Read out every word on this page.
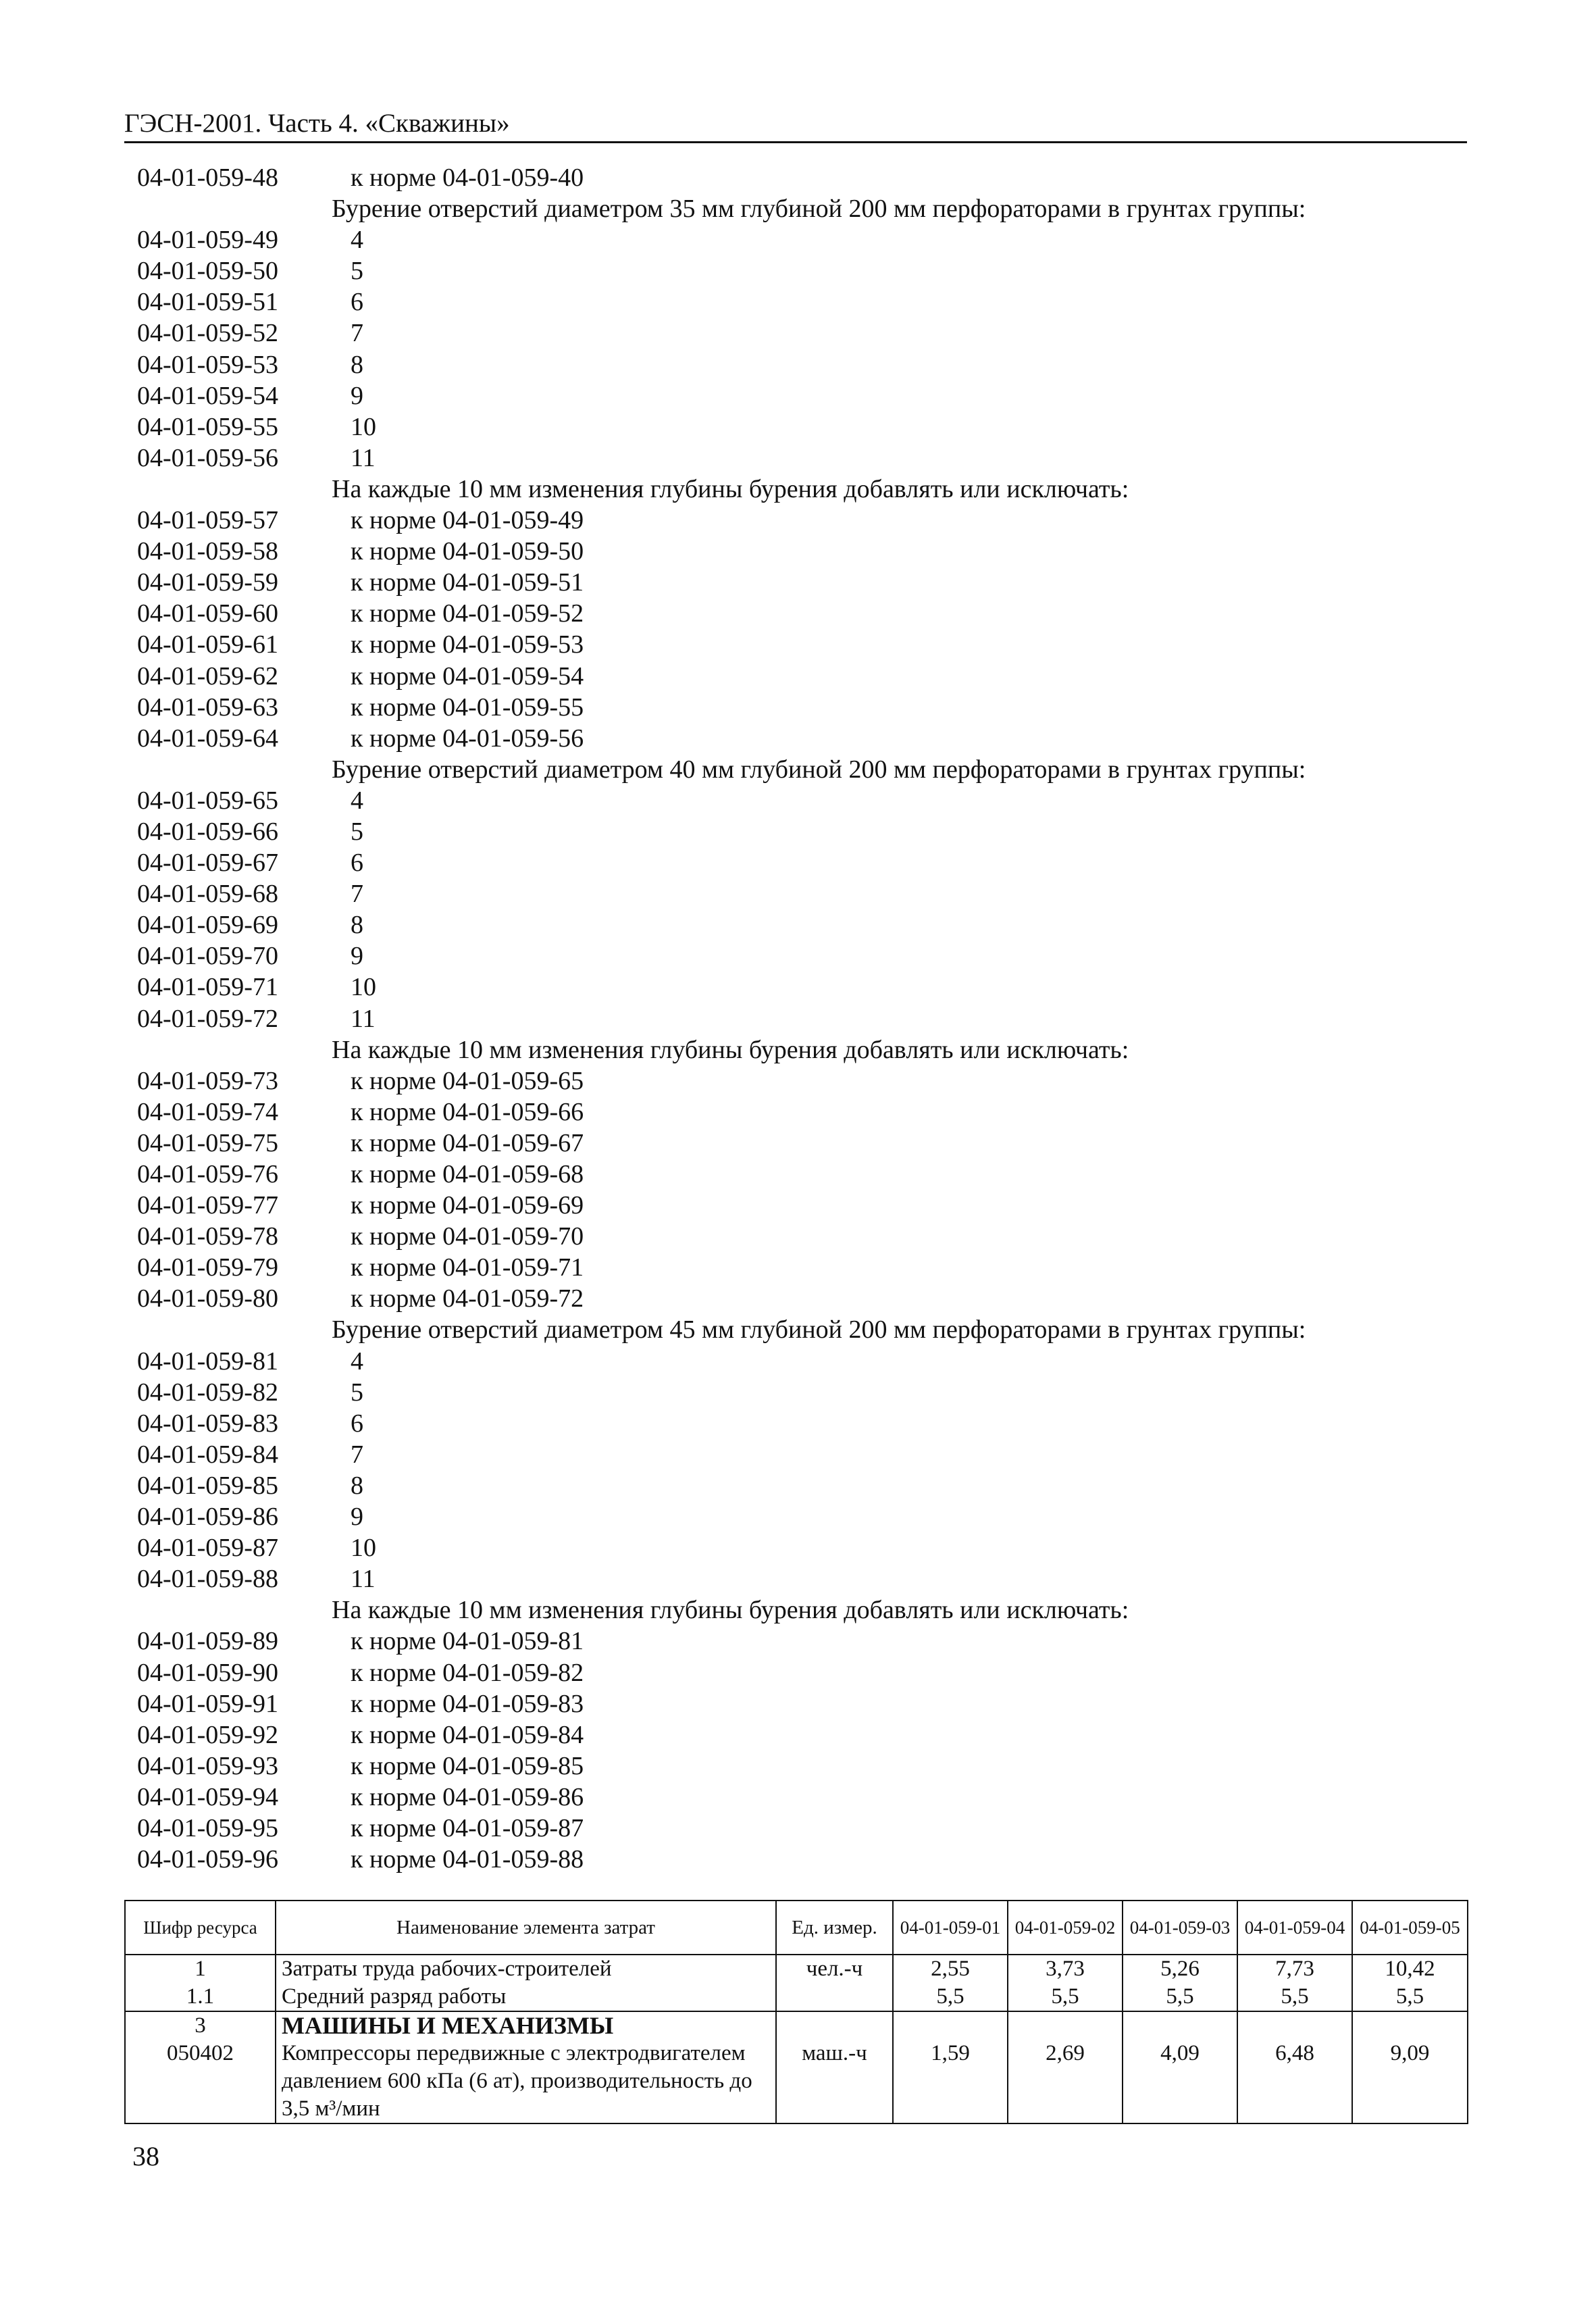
ГЭСН-2001. Часть 4. «Скважины»
04-01-059-48	к норме 04-01-059-40
Бурение отверстий диаметром 35 мм глубиной 200 мм перфораторами в грунтах группы:
04-01-059-49	4
04-01-059-50	5
04-01-059-51	6
04-01-059-52	7
04-01-059-53	8
04-01-059-54	9
04-01-059-55	10
04-01-059-56	11
На каждые 10 мм изменения глубины бурения добавлять или исключать:
04-01-059-57	к норме 04-01-059-49
04-01-059-58	к норме 04-01-059-50
04-01-059-59	к норме 04-01-059-51
04-01-059-60	к норме 04-01-059-52
04-01-059-61	к норме 04-01-059-53
04-01-059-62	к норме 04-01-059-54
04-01-059-63	к норме 04-01-059-55
04-01-059-64	к норме 04-01-059-56
Бурение отверстий диаметром 40 мм глубиной 200 мм перфораторами в грунтах группы:
04-01-059-65	4
04-01-059-66	5
04-01-059-67	6
04-01-059-68	7
04-01-059-69	8
04-01-059-70	9
04-01-059-71	10
04-01-059-72	11
На каждые 10 мм изменения глубины бурения добавлять или исключать:
04-01-059-73	к норме 04-01-059-65
04-01-059-74	к норме 04-01-059-66
04-01-059-75	к норме 04-01-059-67
04-01-059-76	к норме 04-01-059-68
04-01-059-77	к норме 04-01-059-69
04-01-059-78	к норме 04-01-059-70
04-01-059-79	к норме 04-01-059-71
04-01-059-80	к норме 04-01-059-72
Бурение отверстий диаметром 45 мм глубиной 200 мм перфораторами в грунтах группы:
04-01-059-81	4
04-01-059-82	5
04-01-059-83	6
04-01-059-84	7
04-01-059-85	8
04-01-059-86	9
04-01-059-87	10
04-01-059-88	11
На каждые 10 мм изменения глубины бурения добавлять или исключать:
04-01-059-89	к норме 04-01-059-81
04-01-059-90	к норме 04-01-059-82
04-01-059-91	к норме 04-01-059-83
04-01-059-92	к норме 04-01-059-84
04-01-059-93	к норме 04-01-059-85
04-01-059-94	к норме 04-01-059-86
04-01-059-95	к норме 04-01-059-87
04-01-059-96	к норме 04-01-059-88
Шифр ресурса	Наименование элемента затрат	Ед. измер.	04-01-059-01	04-01-059-02	04-01-059-03	04-01-059-04	04-01-059-05
1	Затраты труда рабочих-строителей	чел.-ч	2,55	3,73	5,26	7,73	10,42
1.1	Средний разряд работы		5,5	5,5	5,5	5,5	5,5
3	МАШИНЫ И МЕХАНИЗМЫ						
050402	Компрессоры передвижные с электродвигателем давлением 600 кПа (6 ат), производительность до 3,5 м³/мин	маш.-ч	1,59	2,69	4,09	6,48	9,09
38
